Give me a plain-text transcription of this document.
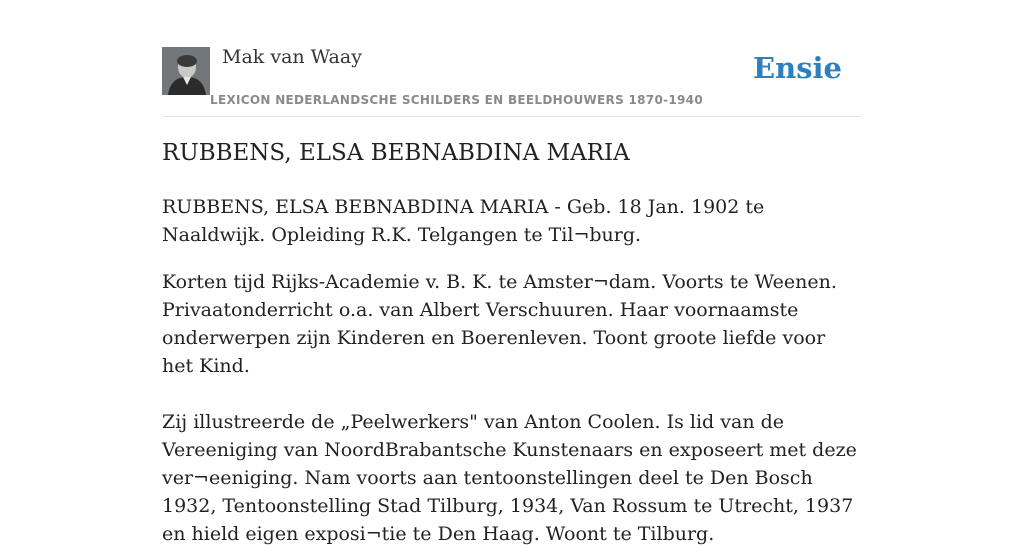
Mak van Waay
LEXICON NEDERLANDSCHE SCHILDERS EN BEELDHOUWERS 1870-1940
Ensie
RUBBENS, ELSA BEBNABDINA MARIA

RUBBENS, ELSA BEBNABDINA MARIA - Geb. 18 Jan. 1902 te Naaldwijk. Opleiding R.K. Telgangen te Til¬burg.

Korten tijd Rijks-Academie v. B. K. te Amster¬dam. Voorts te Weenen. Privaatonderricht o.a. van Albert Verschuuren. Haar voornaamste onderwerpen zijn Kinderen en Boerenleven. Toont groote liefde voor het Kind.

Zij illustreerde de „Peelwerkers" van Anton Coolen. Is lid van de Vereeniging van NoordBrabantsche Kunstenaars en exposeert met deze ver¬eeniging. Nam voorts aan tentoonstellingen deel te Den Bosch 1932, Tentoonstelling Stad Tilburg, 1934, Van Rossum te Utrecht, 1937 en hield eigen exposi¬tie te Den Haag. Woont te Tilburg.
